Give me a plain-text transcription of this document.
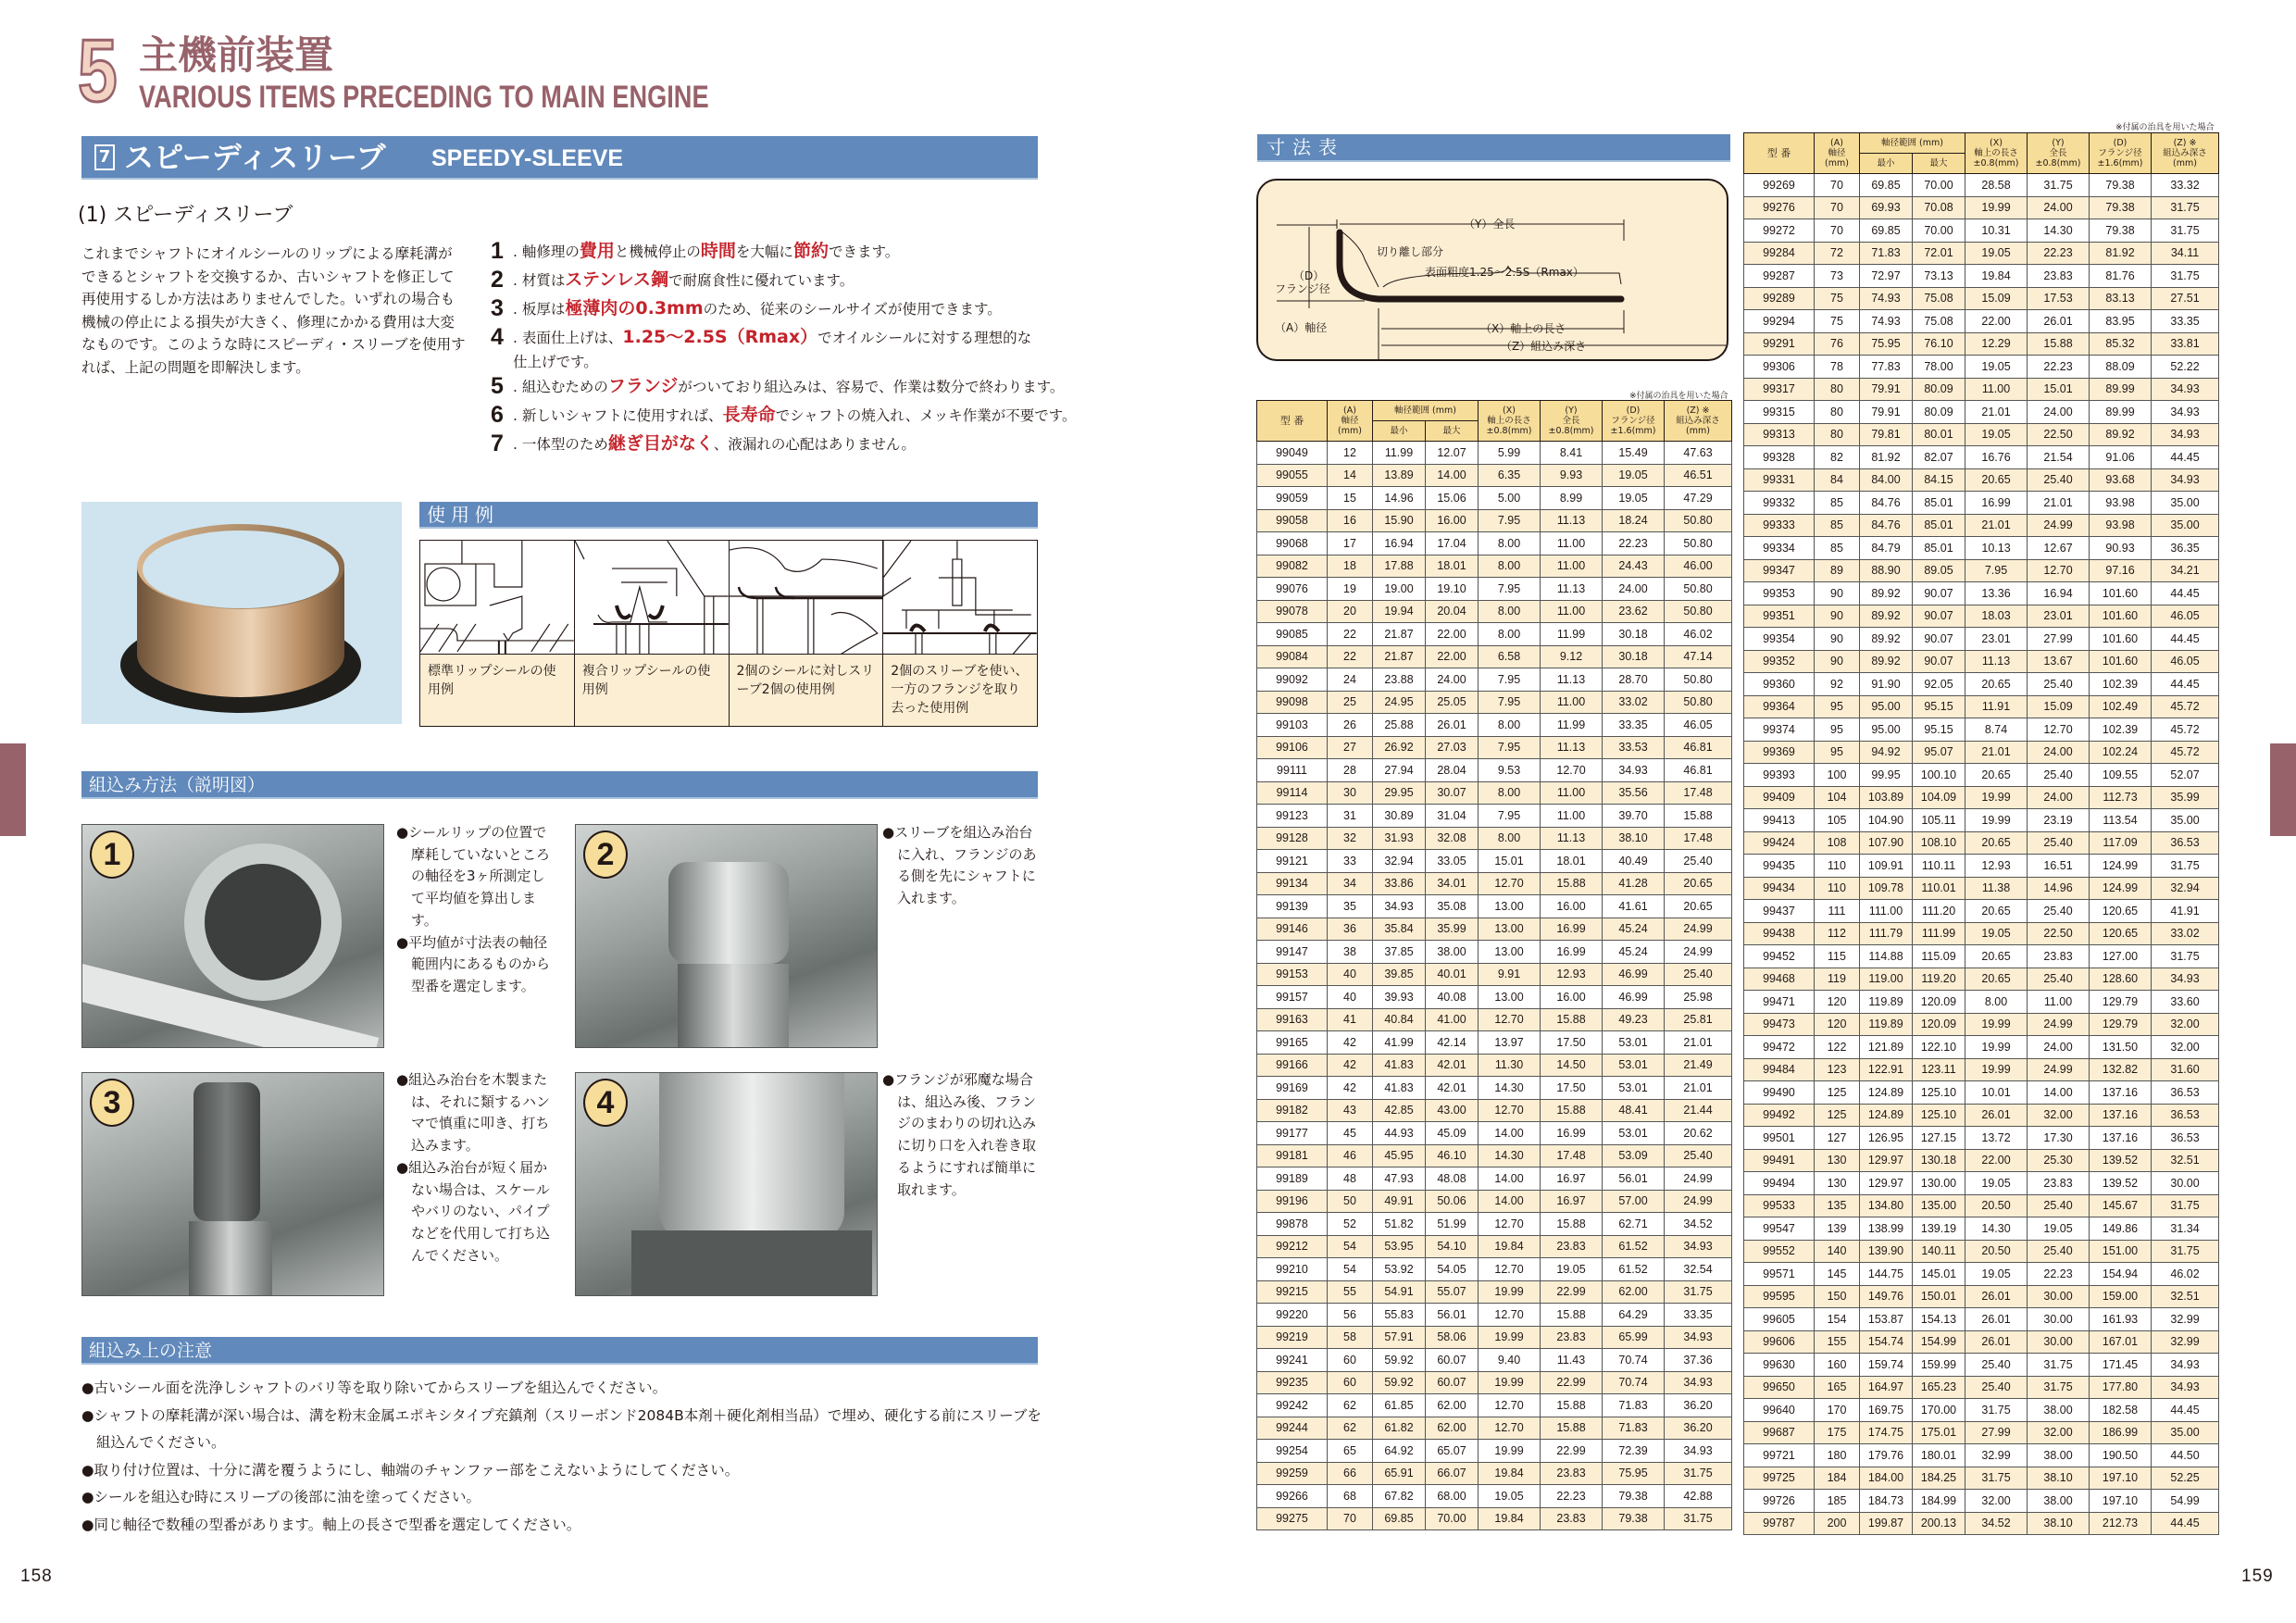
158	159
5 主機前装置
VARIOUS ITEMS PRECEDING TO MAIN ENGINE
7 スピーディスリーブ SPEEDY-SLEEVE
(1) スピーディスリーブ
これまでシャフトにオイルシールのリップによる摩耗溝ができるとシャフトを交換するか、古いシャフトを修正して再使用するしか方法はありませんでした。いずれの場合も機械の停止による損失が大きく、修理にかかる費用は大変なものです。このような時にスピーディ・スリーブを使用すれば、上記の問題を即解決します。
1 . 軸修理の費用と機械停止の時間を大幅に節約できます。
2 . 材質はステンレス鋼で耐腐食性に優れています。
3 . 板厚は極薄肉の0.3mmのため、従来のシールサイズが使用できます。
4 . 表面仕上げは、1.25〜2.5S（Rmax）でオイルシールに対する理想的な
仕上げです。
5 . 組込むためのフランジがついており組込みは、容易で、作業は数分で終わります。
6 . 新しいシャフトに使用すれば、長寿命でシャフトの焼入れ、メッキ作業が不要です。
7 . 一体型のため継ぎ目がなく、液漏れの心配はありません。
使用例
標準リップシールの使用例
複合リップシールの使用例
2個のシールに対しスリーブ2個の使用例
2個のスリーブを使い、一方のフランジを取り去った使用例
組込み方法（説明図）
1

●シールリップの位置で摩耗していないところの軸径を3ヶ所測定して平均値を算出します。

●平均値が寸法表の軸径範囲内にあるものから型番を選定します。

2

●スリーブを組込み治台に入れ、フランジのある側を先にシャフトに入れます。

3

●組込み治台を木製または、それに類するハンマで慎重に叩き、打ち込みます。

●組込み治台が短く届かない場合は、スケールやバリのない、パイプなどを代用して打ち込んでください。

4

●フランジが邪魔な場合は、組込み後、フランジのまわりの切れ込みに切り口を入れ巻き取るようにすれば簡単に取れます。

組込み上の注意

●古いシール面を洗浄しシャフトのバリ等を取り除いてからスリーブを組込んでください。

●シャフトの摩耗溝が深い場合は、溝を粉末金属エポキシタイプ充鎮剤（スリーボンド2084B本剤＋硬化剤相当品）で埋め、硬化する前にスリーブを組込んでください。

●取り付け位置は、十分に溝を覆うようにし、軸端のチャンファー部をこえないようにしてください。

●シールを組込む時にスリーブの後部に油を塗ってください。

●同じ軸径で数種の型番があります。軸上の長さで型番を選定してください。

寸法表
（Y）全長
切り離し部分
表面粗度1.25〜2.5S（Rmax）
（D）
フランジ径
（A）軸径	（X）軸上の長さ
（Z）組込み深さ
※付属の治具を用いた場合
※付属の治具を用いた場合
型 番	(A)
軸径
(mm)	軸径範囲 (mm)		(X)
軸上の長さ
±0.8(mm)	(Y)
全長
±0.8(mm)	(D)
フランジ径
±1.6(mm)	(Z) ※
組込み深さ
(mm)
		最小	最大				
99049	12	11.99	12.07	5.99	8.41	15.49	47.63
99055	14	13.89	14.00	6.35	9.93	19.05	46.51
99059	15	14.96	15.06	5.00	8.99	19.05	47.29
99058	16	15.90	16.00	7.95	11.13	18.24	50.80
99068	17	16.94	17.04	8.00	11.00	22.23	50.80
99082	18	17.88	18.01	8.00	11.00	24.43	46.00
99076	19	19.00	19.10	7.95	11.13	24.00	50.80
99078	20	19.94	20.04	8.00	11.00	23.62	50.80
99085	22	21.87	22.00	8.00	11.99	30.18	46.02
99084	22	21.87	22.00	6.58	9.12	30.18	47.14
99092	24	23.88	24.00	7.95	11.13	28.70	50.80
99098	25	24.95	25.05	7.95	11.00	33.02	50.80
99103	26	25.88	26.01	8.00	11.99	33.35	46.05
99106	27	26.92	27.03	7.95	11.13	33.53	46.81
99111	28	27.94	28.04	9.53	12.70	34.93	46.81
99114	30	29.95	30.07	8.00	11.00	35.56	17.48
99123	31	30.89	31.04	7.95	11.00	39.70	15.88
99128	32	31.93	32.08	8.00	11.13	38.10	17.48
99121	33	32.94	33.05	15.01	18.01	40.49	25.40
99134	34	33.86	34.01	12.70	15.88	41.28	20.65
99139	35	34.93	35.08	13.00	16.00	41.61	20.65
99146	36	35.84	35.99	13.00	16.99	45.24	24.99
99147	38	37.85	38.00	13.00	16.99	45.24	24.99
99153	40	39.85	40.01	9.91	12.93	46.99	25.40
99157	40	39.93	40.08	13.00	16.00	46.99	25.98
99163	41	40.84	41.00	12.70	15.88	49.23	25.81
99165	42	41.99	42.14	13.97	17.50	53.01	21.01
99166	42	41.83	42.01	11.30	14.50	53.01	21.49
99169	42	41.83	42.01	14.30	17.50	53.01	21.01
99182	43	42.85	43.00	12.70	15.88	48.41	21.44
99177	45	44.93	45.09	14.00	16.99	53.01	20.62
99181	46	45.95	46.10	14.30	17.48	53.09	25.40
99189	48	47.93	48.08	14.00	16.97	56.01	24.99
99196	50	49.91	50.06	14.00	16.97	57.00	24.99
99878	52	51.82	51.99	12.70	15.88	62.71	34.52
99212	54	53.95	54.10	19.84	23.83	61.52	34.93
99210	54	53.92	54.05	12.70	19.05	61.52	32.54
99215	55	54.91	55.07	19.99	22.99	62.00	31.75
99220	56	55.83	56.01	12.70	15.88	64.29	33.35
99219	58	57.91	58.06	19.99	23.83	65.99	34.93
99241	60	59.92	60.07	9.40	11.43	70.74	37.36
99235	60	59.92	60.07	19.99	22.99	70.74	34.93
99242	62	61.85	62.00	12.70	15.88	71.83	36.20
99244	62	61.82	62.00	12.70	15.88	71.83	36.20
99254	65	64.92	65.07	19.99	22.99	72.39	34.93
99259	66	65.91	66.07	19.84	23.83	75.95	31.75
99266	68	67.82	68.00	19.05	22.23	79.38	42.88
99275	70	69.85	70.00	19.84	23.83	79.38	31.75
型 番	(A)
軸径
(mm)	軸径範囲 (mm)		(X)
軸上の長さ
±0.8(mm)	(Y)
全長
±0.8(mm)	(D)
フランジ径
±1.6(mm)	(Z) ※
組込み深さ
(mm)
		最小	最大				
99269	70	69.85	70.00	28.58	31.75	79.38	33.32
99276	70	69.93	70.08	19.99	24.00	79.38	31.75
99272	70	69.85	70.00	10.31	14.30	79.38	31.75
99284	72	71.83	72.01	19.05	22.23	81.92	34.11
99287	73	72.97	73.13	19.84	23.83	81.76	31.75
99289	75	74.93	75.08	15.09	17.53	83.13	27.51
99294	75	74.93	75.08	22.00	26.01	83.95	33.35
99291	76	75.95	76.10	12.29	15.88	85.32	33.81
99306	78	77.83	78.00	19.05	22.23	88.09	52.22
99317	80	79.91	80.09	11.00	15.01	89.99	34.93
99315	80	79.91	80.09	21.01	24.00	89.99	34.93
99313	80	79.81	80.01	19.05	22.50	89.92	34.93
99328	82	81.92	82.07	16.76	21.54	91.06	44.45
99331	84	84.00	84.15	20.65	25.40	93.68	34.93
99332	85	84.76	85.01	16.99	21.01	93.98	35.00
99333	85	84.76	85.01	21.01	24.99	93.98	35.00
99334	85	84.79	85.01	10.13	12.67	90.93	36.35
99347	89	88.90	89.05	7.95	12.70	97.16	34.21
99353	90	89.92	90.07	13.36	16.94	101.60	44.45
99351	90	89.92	90.07	18.03	23.01	101.60	46.05
99354	90	89.92	90.07	23.01	27.99	101.60	44.45
99352	90	89.92	90.07	11.13	13.67	101.60	46.05
99360	92	91.90	92.05	20.65	25.40	102.39	44.45
99364	95	95.00	95.15	11.91	15.09	102.49	45.72
99374	95	95.00	95.15	8.74	12.70	102.39	45.72
99369	95	94.92	95.07	21.01	24.00	102.24	45.72
99393	100	99.95	100.10	20.65	25.40	109.55	52.07
99409	104	103.89	104.09	19.99	24.00	112.73	35.99
99413	105	104.90	105.11	19.99	23.19	113.54	35.00
99424	108	107.90	108.10	20.65	25.40	117.09	36.53
99435	110	109.91	110.11	12.93	16.51	124.99	31.75
99434	110	109.78	110.01	11.38	14.96	124.99	32.94
99437	111	111.00	111.20	20.65	25.40	120.65	41.91
99438	112	111.79	111.99	19.05	22.50	120.65	33.02
99452	115	114.88	115.09	20.65	23.83	127.00	31.75
99468	119	119.00	119.20	20.65	25.40	128.60	34.93
99471	120	119.89	120.09	8.00	11.00	129.79	33.60
99473	120	119.89	120.09	19.99	24.99	129.79	32.00
99472	122	121.89	122.10	19.99	24.00	131.50	32.00
99484	123	122.91	123.11	19.99	24.99	132.82	31.60
99490	125	124.89	125.10	10.01	14.00	137.16	36.53
99492	125	124.89	125.10	26.01	32.00	137.16	36.53
99501	127	126.95	127.15	13.72	17.30	137.16	36.53
99491	130	129.97	130.18	22.00	25.30	139.52	32.51
99494	130	129.97	130.00	19.05	23.83	139.52	30.00
99533	135	134.80	135.00	20.50	25.40	145.67	31.75
99547	139	138.99	139.19	14.30	19.05	149.86	31.34
99552	140	139.90	140.11	20.50	25.40	151.00	31.75
99571	145	144.75	145.01	19.05	22.23	154.94	46.02
99595	150	149.76	150.01	26.01	30.00	159.00	32.51
99605	154	153.87	154.13	26.01	30.00	161.93	32.99
99606	155	154.74	154.99	26.01	30.00	167.01	32.99
99630	160	159.74	159.99	25.40	31.75	171.45	34.93
99650	165	164.97	165.23	25.40	31.75	177.80	34.93
99640	170	169.75	170.00	31.75	38.00	182.58	44.45
99687	175	174.75	175.01	27.99	32.00	186.99	35.00
99721	180	179.76	180.01	32.99	38.00	190.50	44.50
99725	184	184.00	184.25	31.75	38.10	197.10	52.25
99726	185	184.73	184.99	32.00	38.00	197.10	54.99
99787	200	199.87	200.13	34.52	38.10	212.73	44.45
